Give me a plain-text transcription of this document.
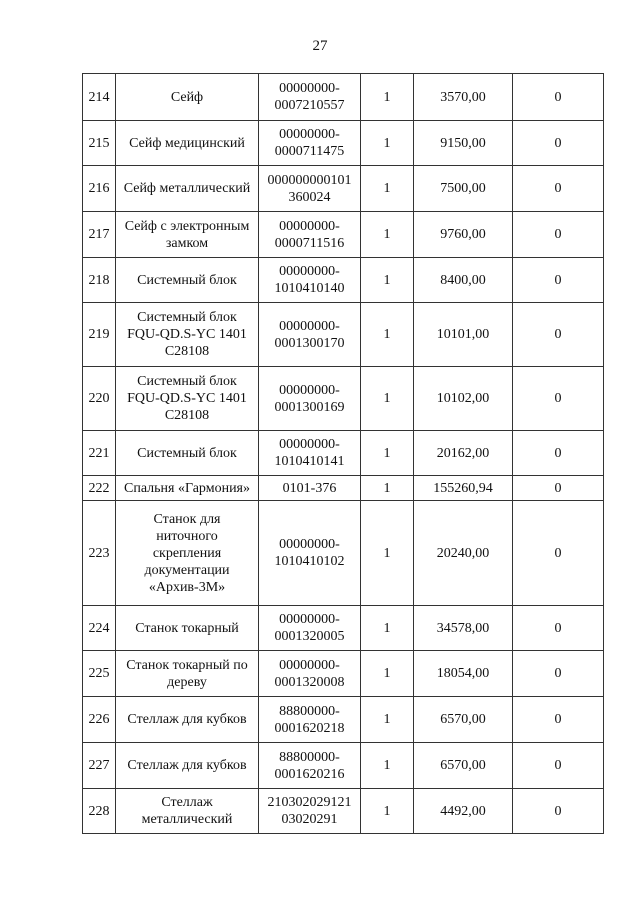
27
214	Сейф	00000000-
0007210557	1	3570,00	0
215	Сейф медицинский	00000000-
0000711475	1	9150,00	0
216	Сейф металлический	000000000101
360024	1	7500,00	0
217	Сейф с электронным
замком	00000000-
0000711516	1	9760,00	0
218	Системный блок	00000000-
1010410140	1	8400,00	0
219	Системный блок
FQU-QD.S-YC 1401
C28108	00000000-
0001300170	1	10101,00	0
220	Системный блок
FQU-QD.S-YC 1401
C28108	00000000-
0001300169	1	10102,00	0
221	Системный блок	00000000-
1010410141	1	20162,00	0
222	Спальня «Гармония»	0101-376	1	155260,94	0
223	Станок для
ниточного
скрепления
документации
«Архив-3М»	00000000-
1010410102	1	20240,00	0
224	Станок токарный	00000000-
0001320005	1	34578,00	0
225	Станок токарный по
дереву	00000000-
0001320008	1	18054,00	0
226	Стеллаж для кубков	88800000-
0001620218	1	6570,00	0
227	Стеллаж для кубков	88800000-
0001620216	1	6570,00	0
228	Стеллаж
металлический	210302029121
03020291	1	4492,00	0
